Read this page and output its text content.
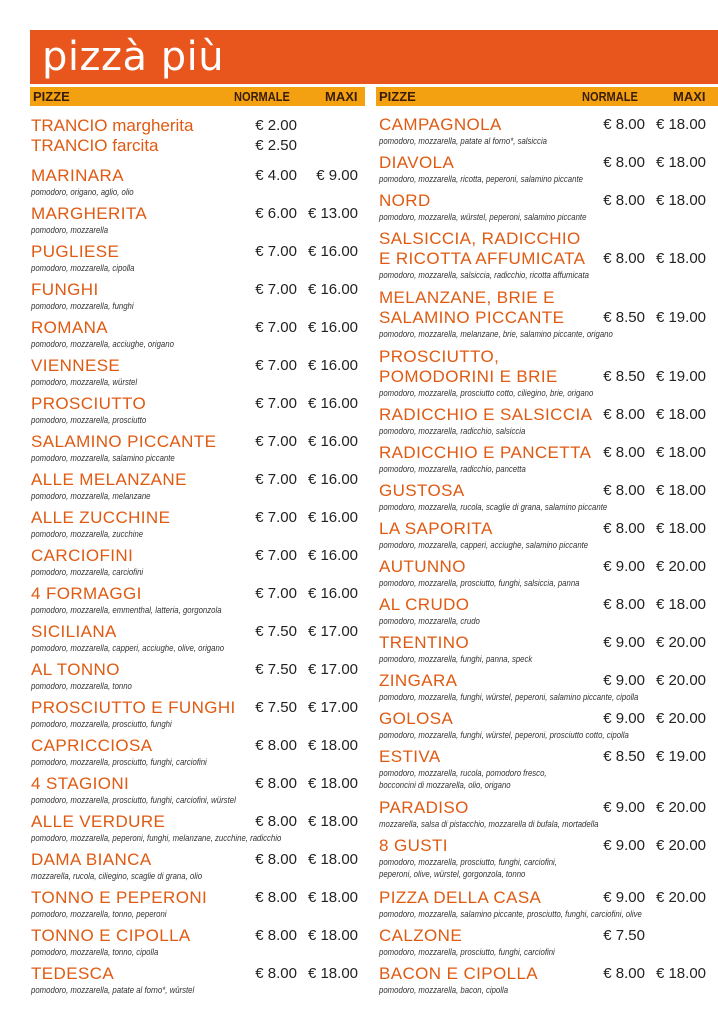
pizzà più
PIZZE	NORMALE	MAXI PIZZE	NORMALE	MAXI
TRANCIO margherita	€ 2.00
TRANCIO farcita	€ 2.50
MARINARA	€ 4.00 € 9.00
pomodoro, origano, aglio, olio
MARGHERITA	€ 6.00 € 13.00
pomodoro, mozzarella
PUGLIESE	€ 7.00 € 16.00
pomodoro, mozzarella, cipolla
FUNGHI	€ 7.00 € 16.00
pomodoro, mozzarella, funghi
ROMANA	€ 7.00 € 16.00
pomodoro, mozzarella, acciughe, origano
VIENNESE	€ 7.00 € 16.00
pomodoro, mozzarella, würstel
PROSCIUTTO	€ 7.00 € 16.00
pomodoro, mozzarella, prosciutto
SALAMINO PICCANTE	€ 7.00 € 16.00
pomodoro, mozzarella, salamino piccante
ALLE MELANZANE	€ 7.00 € 16.00
pomodoro, mozzarella, melanzane
ALLE ZUCCHINE	€ 7.00 € 16.00
pomodoro, mozzarella, zucchine
CARCIOFINI	€ 7.00 € 16.00
pomodoro, mozzarella, carciofini
4 FORMAGGI	€ 7.00 € 16.00
pomodoro, mozzarella, emmenthal, latteria, gorgonzola
SICILIANA	€ 7.50 € 17.00
pomodoro, mozzarella, capperi, acciughe, olive, origano
AL TONNO	€ 7.50 € 17.00
pomodoro, mozzarella, tonno
PROSCIUTTO E FUNGHI € 7.50 € 17.00
pomodoro, mozzarella, prosciutto, funghi
CAPRICCIOSA	€ 8.00 € 18.00
pomodoro, mozzarella, prosciutto, funghi, carciofini
4 STAGIONI	€ 8.00 € 18.00
pomodoro, mozzarella, prosciutto, funghi, carciofini, würstel
ALLE VERDURE	€ 8.00 € 18.00
pomodoro, mozzarella, peperoni, funghi, melanzane, zucchine, radicchio
DAMA BIANCA	€ 8.00 € 18.00
mozzarella, rucola, ciliegino, scaglie di grana, olio
TONNO E PEPERONI	€ 8.00 € 18.00
pomodoro, mozzarella, tonno, peperoni
TONNO E CIPOLLA	€ 8.00 € 18.00
pomodoro, mozzarella, tonno, cipolla
TEDESCA	€ 8.00 € 18.00
pomodoro, mozzarella, patate al forno*, würstel
CAMPAGNOLA	€ 8.00 € 18.00
pomodoro, mozzarella, patate al forno*, salsiccia
DIAVOLA	€ 8.00 € 18.00
pomodoro, mozzarella, ricotta, peperoni, salamino piccante
NORD	€ 8.00 € 18.00
pomodoro, mozzarella, würstel, peperoni, salamino piccante
SALSICCIA, RADICCHIO
E RICOTTA AFFUMICATA € 8.00 € 18.00
pomodoro, mozzarella, salsiccia, radicchio, ricotta affumicata
MELANZANE, BRIE E
SALAMINO PICCANTE	€ 8.50 € 19.00
pomodoro, mozzarella, melanzane, brie, salamino piccante, origano
PROSCIUTTO,
POMODORINI E BRIE	€ 8.50 € 19.00
pomodoro, mozzarella, prosciutto cotto, ciliegino, brie, origano
RADICCHIO E SALSICCIA € 8.00 € 18.00
pomodoro, mozzarella, radicchio, salsiccia
RADICCHIO E PANCETTA € 8.00 € 18.00
pomodoro, mozzarella, radicchio, pancetta
GUSTOSA	€ 8.00 € 18.00
pomodoro, mozzarella, rucola, scaglie di grana, salamino piccante
LA SAPORITA	€ 8.00 € 18.00
pomodoro, mozzarella, capperi, acciughe, salamino piccante
AUTUNNO	€ 9.00 € 20.00
pomodoro, mozzarella, prosciutto, funghi, salsiccia, panna
AL CRUDO	€ 8.00 € 18.00
pomodoro, mozzarella, crudo
TRENTINO	€ 9.00 € 20.00
pomodoro, mozzarella, funghi, panna, speck
ZINGARA	€ 9.00 € 20.00
pomodoro, mozzarella, funghi, würstel, peperoni, salamino piccante, cipolla
GOLOSA	€ 9.00 € 20.00
pomodoro, mozzarella, funghi, würstel, peperoni, prosciutto cotto, cipolla
ESTIVA	€ 8.50 € 19.00
pomodoro, mozzarella, rucola, pomodoro fresco,
bocconcini di mozzarella, olio, origano
PARADISO	€ 9.00 € 20.00
mozzarella, salsa di pistacchio, mozzarella di bufala, mortadella
8 GUSTI	€ 9.00 € 20.00
pomodoro, mozzarella, prosciutto, funghi, carciofini,
peperoni, olive, würstel, gorgonzola, tonno
PIZZA DELLA CASA	€ 9.00 € 20.00
pomodoro, mozzarella, salamino piccante, prosciutto, funghi, carciofini, olive
CALZONE	€ 7.50
pomodoro, mozzarella, prosciutto, funghi, carciofini
BACON E CIPOLLA	€ 8.00 € 18.00
pomodoro, mozzarella, bacon, cipolla
